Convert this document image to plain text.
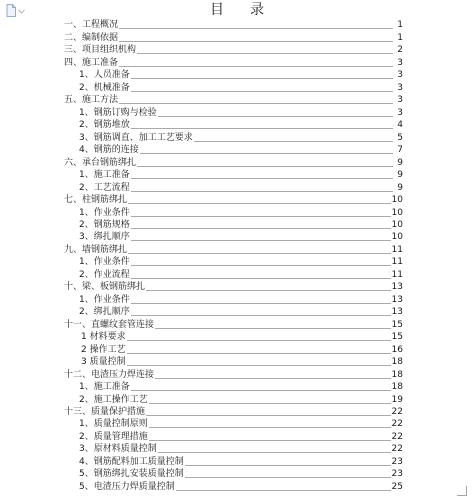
目 录
一、工程概况	1
二、编制依据	1
三、项目组织机构	2
四、施工准备	3
1、人员准备	3
2、机械准备	3
五、施工方法	3
1、钢筋订购与检验	3
2、钢筋堆放	4
3、钢筋调直、加工工艺要求	5
4、钢筋的连接	7
六、承台钢筋绑扎	9
1、施工准备	9
2、工艺流程	9
七、柱钢筋绑扎	10
1、作业条件	10
2、钢筋规格	10
3、绑扎顺序	10
九、墙钢筋绑扎	11
1、作业条件	11
2、作业流程	11
十、梁、板钢筋绑扎	13
1、作业条件	13
2、绑扎顺序	13
十一、直螺纹套管连接	15
1 材料要求	15
2 操作工艺	16
3 质量控制	18
十二、电渣压力焊连接	18
1、施工准备	18
2、施工操作工艺	19
十三、质量保护措施	22
1、质量控制原则	22
2、质量管理措施	22
3、原材料质量控制	22
4、钢筋配料加工质量控制	23
5、钢筋绑扎安装质量控制	23
5、电渣压力焊质量控制	25
